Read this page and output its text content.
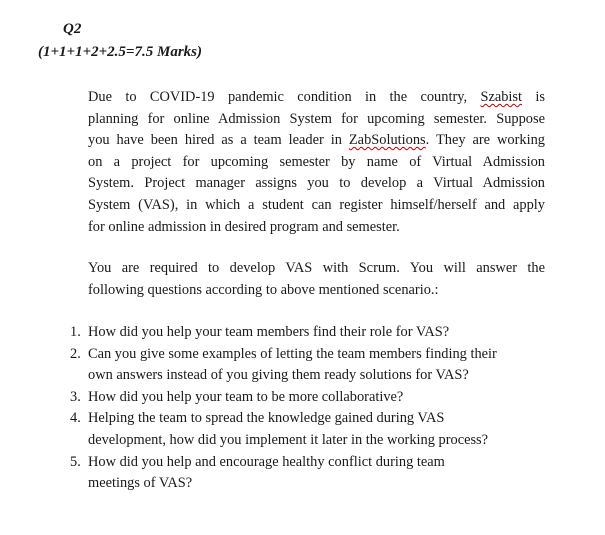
Q2
(1+1+1+2+2.5=7.5 Marks)
Due to COVID-19 pandemic condition in the country, Szabist is
planning for online Admission System for upcoming semester. Suppose
you have been hired as a team leader in ZabSolutions. They are working
on a project for upcoming semester by name of Virtual Admission
System. Project manager assigns you to develop a Virtual Admission
System (VAS), in which a student can register himself/herself and apply
for online admission in desired program and semester.
You are required to develop VAS with Scrum. You will answer the
following questions according to above mentioned scenario.:
1. How did you help your team members find their role for VAS?
2. Can you give some examples of letting the team members finding their
own answers instead of you giving them ready solutions for VAS?
3. How did you help your team to be more collaborative?
4. Helping the team to spread the knowledge gained during VAS
development, how did you implement it later in the working process?
5. How did you help and encourage healthy conflict during team
meetings of VAS?
